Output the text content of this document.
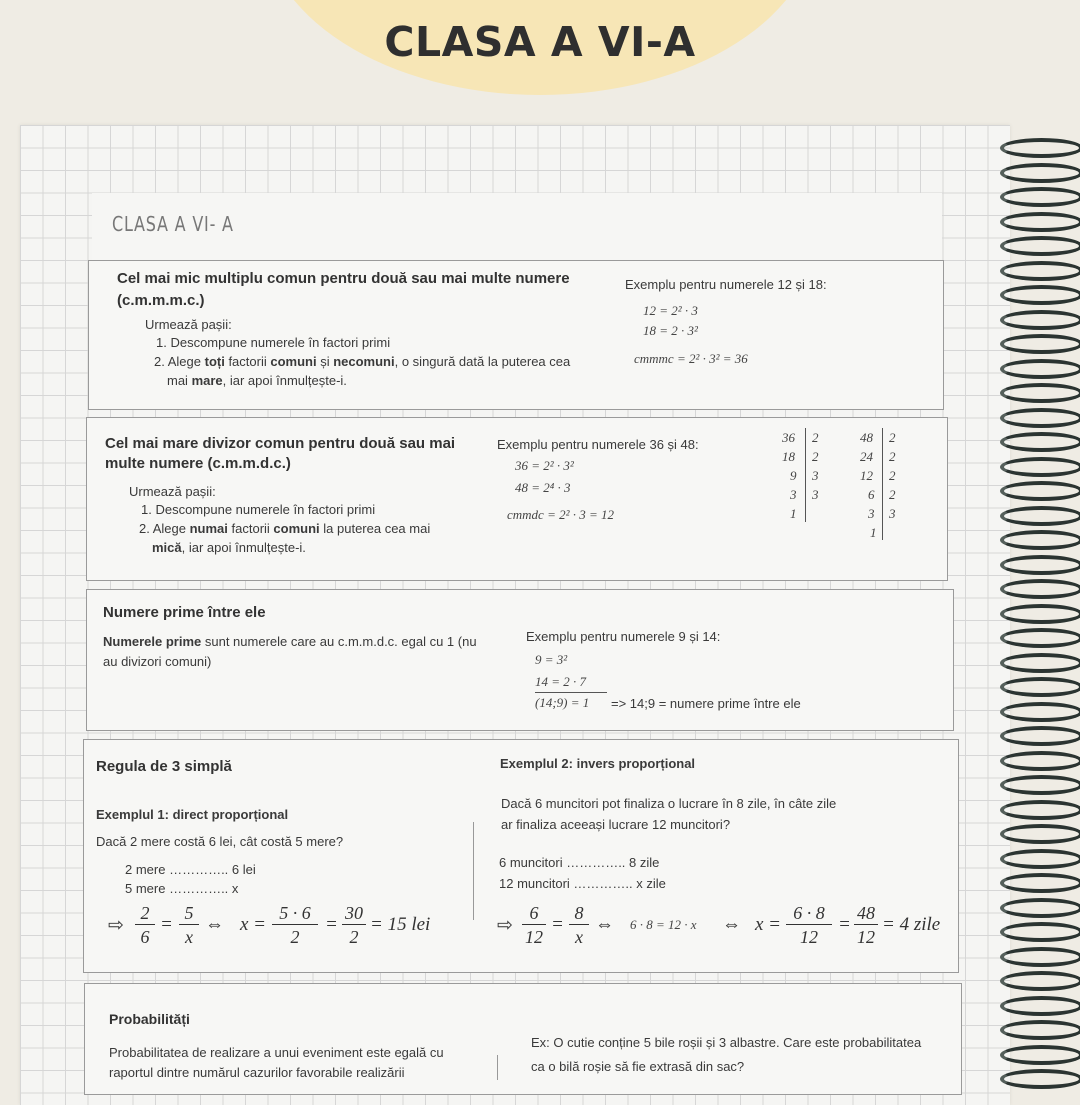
CLASA A VI-A
CLASA A VI- A
Cel mai mic multiplu comun pentru două sau mai multe numere
(c.m.m.m.c.)
Urmează pașii:
1. Descompune numerele în factori primi
2. Alege toți factorii comuni și necomuni, o singură dată la puterea cea
mai mare, iar apoi înmulțește-i.
Exemplu pentru numerele 12 și 18:
12 = 2² · 3
18 = 2 · 3²
cmmmc = 2² · 3² = 36
Cel mai mare divizor comun pentru două sau mai
multe numere (c.m.m.d.c.)
Urmează pașii:
1. Descompune numerele în factori primi
2. Alege numai factorii comuni la puterea cea mai
mică, iar apoi înmulțește-i.
Exemplu pentru numerele 36 și 48:
36 = 2² · 3²
48 = 2⁴ · 3
cmmdc = 2² · 3 = 12
36
18
9
3
1
2
2
3
3
48
24
12
6
3
1
2
2
2
2
3
Numere prime între ele
Numerele prime sunt numerele care au c.m.m.d.c. egal cu 1 (nu
au divizori comuni)
Exemplu pentru numerele 9 și 14:
9 = 3²
14 = 2 · 7
(14;9) = 1 => 14;9 = numere prime între ele
Regula de 3 simplă
Exemplul 1: direct proporțional
Dacă 2 mere costă 6 lei, cât costă 5 mere?
2 mere ………….. 6 lei
5 mere ………….. x
⇨ $\frac{2}{6} = \frac{5}{x}$ ⇔ $x = \frac{5 \cdot 6}{2} = \frac{30}{2} = 15$ lei
Exemplul 2: invers proporțional
Dacă 6 muncitori pot finaliza o lucrare în 8 zile, în câte zile
ar finaliza aceeași lucrare 12 muncitori?
6 muncitori ………….. 8 zile
12 muncitori ………….. x zile
⇨ $\frac{6}{12} = \frac{8}{x}$ ⇔ 6 · 8 = 12 · x ⇔ $x = \frac{6 \cdot 8}{12} = \frac{48}{12} = 4$ zile
Probabilități
Probabilitatea de realizare a unui eveniment este egală cu
raportul dintre numărul cazurilor favorabile realizării
Ex: O cutie conține 5 bile roșii și 3 albastre. Care este probabilitatea
ca o bilă roșie să fie extrasă din sac?
